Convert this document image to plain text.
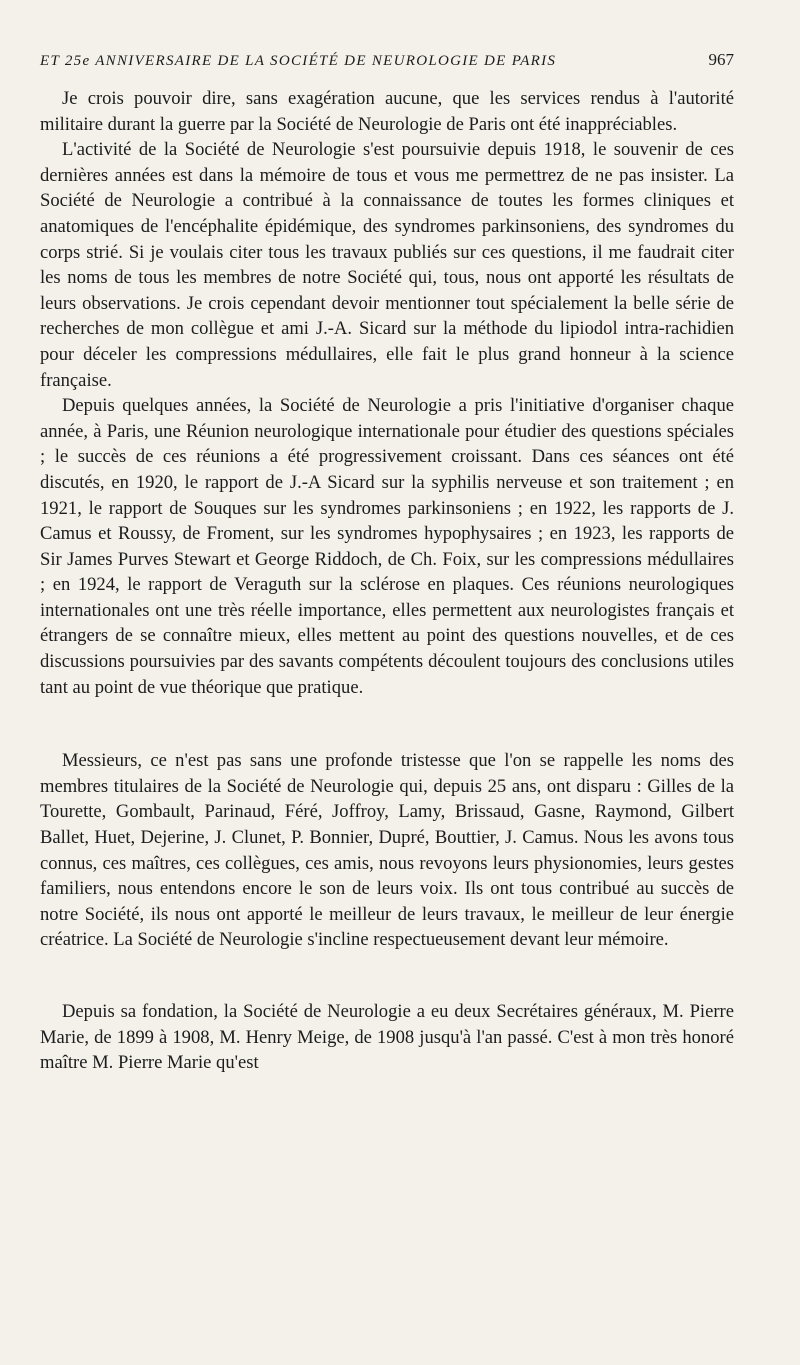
ET 25e ANNIVERSAIRE DE LA SOCIÉTÉ DE NEUROLOGIE DE PARIS	967

Je crois pouvoir dire, sans exagération aucune, que les services rendus à l'autorité militaire durant la guerre par la Société de Neurologie de Paris ont été inappréciables.

L'activité de la Société de Neurologie s'est poursuivie depuis 1918, le souvenir de ces dernières années est dans la mémoire de tous et vous me permettrez de ne pas insister. La Société de Neurologie a contribué à la connaissance de toutes les formes cliniques et anatomiques de l'encéphalite épidémique, des syndromes parkinsoniens, des syndromes du corps strié. Si je voulais citer tous les travaux publiés sur ces questions, il me faudrait citer les noms de tous les membres de notre Société qui, tous, nous ont apporté les résultats de leurs observations. Je crois cependant devoir mentionner tout spécialement la belle série de recherches de mon collègue et ami J.-A. Sicard sur la méthode du lipiodol intra-rachidien pour déceler les compressions médullaires, elle fait le plus grand honneur à la science française.

Depuis quelques années, la Société de Neurologie a pris l'initiative d'organiser chaque année, à Paris, une Réunion neurologique internationale pour étudier des questions spéciales ; le succès de ces réunions a été progressivement croissant. Dans ces séances ont été discutés, en 1920, le rapport de J.-A Sicard sur la syphilis nerveuse et son traitement ; en 1921, le rapport de Souques sur les syndromes parkinsoniens ; en 1922, les rapports de J. Camus et Roussy, de Froment, sur les syndromes hypophysaires ; en 1923, les rapports de Sir James Purves Stewart et George Riddoch, de Ch. Foix, sur les compressions médullaires ; en 1924, le rapport de Veraguth sur la sclérose en plaques. Ces réunions neurologiques internationales ont une très réelle importance, elles permettent aux neurologistes français et étrangers de se connaître mieux, elles mettent au point des questions nouvelles, et de ces discussions poursuivies par des savants compétents découlent toujours des conclusions utiles tant au point de vue théorique que pratique.

Messieurs, ce n'est pas sans une profonde tristesse que l'on se rappelle les noms des membres titulaires de la Société de Neurologie qui, depuis 25 ans, ont disparu : Gilles de la Tourette, Gombault, Parinaud, Féré, Joffroy, Lamy, Brissaud, Gasne, Raymond, Gilbert Ballet, Huet, Dejerine, J. Clunet, P. Bonnier, Dupré, Bouttier, J. Camus. Nous les avons tous connus, ces maîtres, ces collègues, ces amis, nous revoyons leurs physionomies, leurs gestes familiers, nous entendons encore le son de leurs voix. Ils ont tous contribué au succès de notre Société, ils nous ont apporté le meilleur de leurs travaux, le meilleur de leur énergie créatrice. La Société de Neurologie s'incline respectueusement devant leur mémoire.

Depuis sa fondation, la Société de Neurologie a eu deux Secrétaires généraux, M. Pierre Marie, de 1899 à 1908, M. Henry Meige, de 1908 jusqu'à l'an passé. C'est à mon très honoré maître M. Pierre Marie qu'est
